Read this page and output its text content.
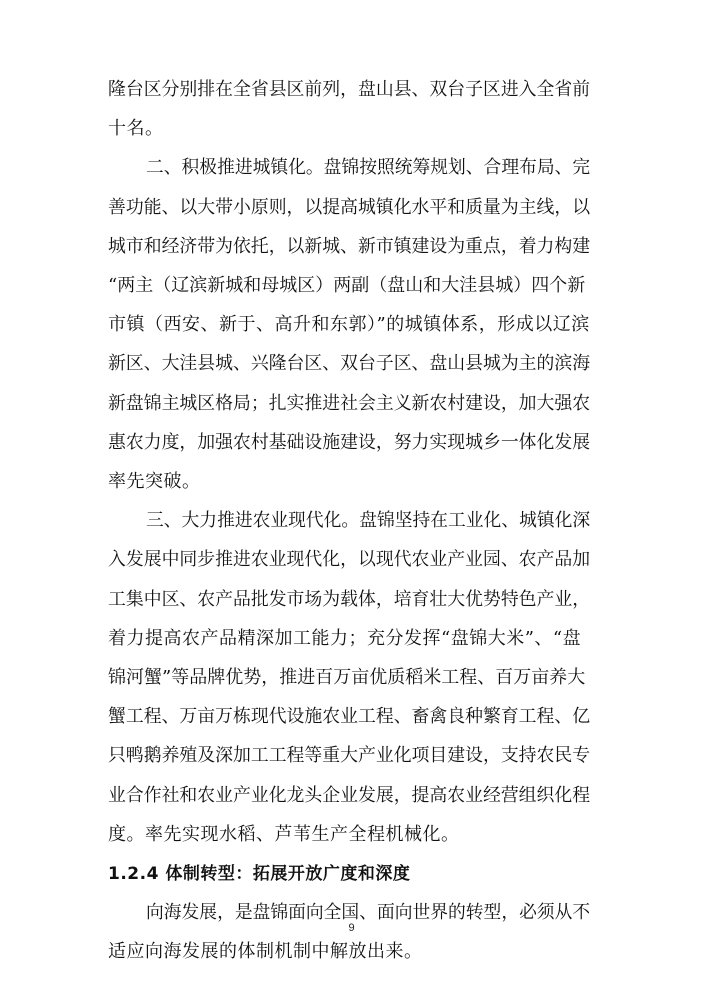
隆台区分别排在全省县区前列，盘山县、双台子区进入全省前
十名。
二、积极推进城镇化。盘锦按照统筹规划、合理布局、完
善功能、以大带小原则，以提高城镇化水平和质量为主线，以
城市和经济带为依托，以新城、新市镇建设为重点，着力构建
“两主（辽滨新城和母城区）两副（盘山和大洼县城）四个新
市镇（西安、新于、高升和东郭）”的城镇体系，形成以辽滨
新区、大洼县城、兴隆台区、双台子区、盘山县城为主的滨海
新盘锦主城区格局；扎实推进社会主义新农村建设，加大强农
惠农力度，加强农村基础设施建设，努力实现城乡一体化发展
率先突破。
三、大力推进农业现代化。盘锦坚持在工业化、城镇化深
入发展中同步推进农业现代化，以现代农业产业园、农产品加
工集中区、农产品批发市场为载体，培育壮大优势特色产业，
着力提高农产品精深加工能力；充分发挥“盘锦大米”、“盘
锦河蟹”等品牌优势，推进百万亩优质稻米工程、百万亩养大
蟹工程、万亩万栋现代设施农业工程、畜禽良种繁育工程、亿
只鸭鹅养殖及深加工工程等重大产业化项目建设，支持农民专
业合作社和农业产业化龙头企业发展，提高农业经营组织化程
度。率先实现水稻、芦苇生产全程机械化。
1.2.4 体制转型：拓展开放广度和深度
向海发展，是盘锦面向全国、面向世界的转型，必须从不
适应向海发展的体制机制中解放出来。
9
